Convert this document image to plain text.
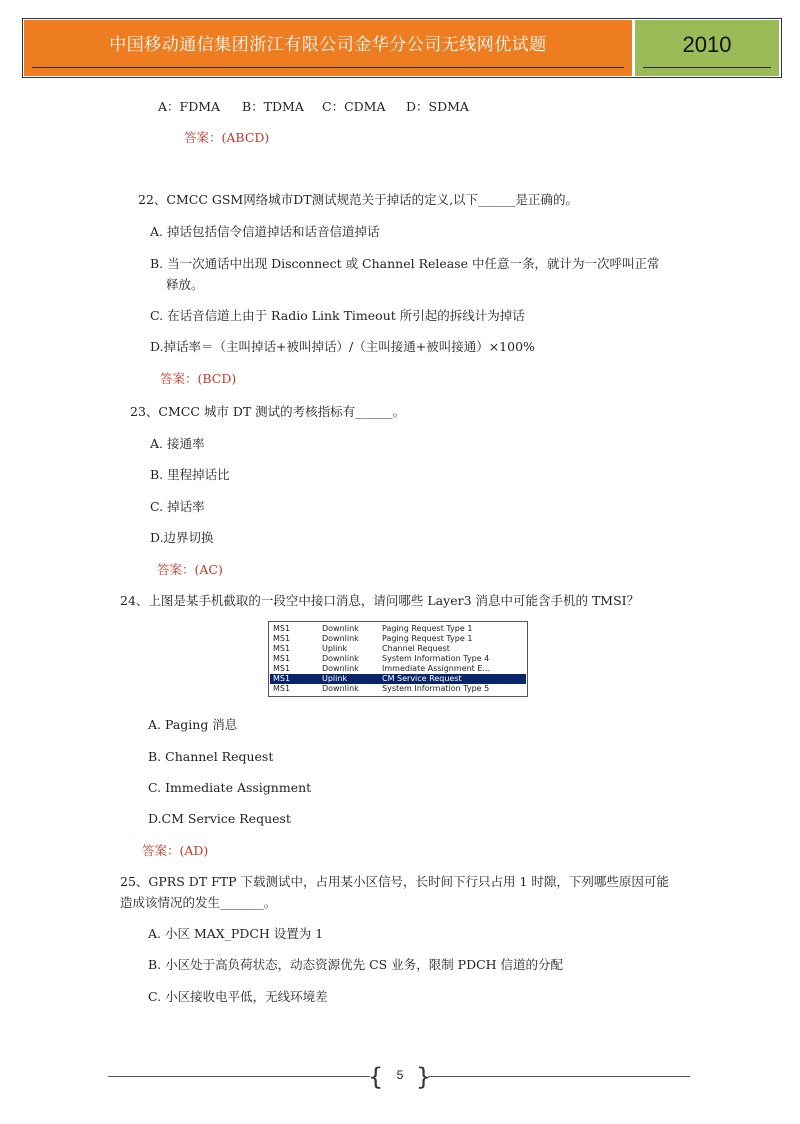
中国移动通信集团浙江有限公司金华分公司无线网优试题	2010
A：FDMA B：TDMA C：CDMA D：SDMA
答案：(ABCD)
22、CMCC GSM网络城市DT测试规范关于掉话的定义,以下______是正确的。
A. 掉话包括信令信道掉话和话音信道掉话
B. 当一次通话中出现 Disconnect 或 Channel Release 中任意一条，就计为一次呼叫正常
释放。
C. 在话音信道上由于 Radio Link Timeout 所引起的拆线计为掉话
D.掉话率＝（主叫掉话+被叫掉话）/（主叫接通+被叫接通）×100%
答案：(BCD)
23、CMCC 城市 DT 测试的考核指标有______。
A. 接通率
B. 里程掉话比
C. 掉话率
D.边界切换
答案：(AC)
24、上图是某手机截取的一段空中接口消息，请问哪些 Layer3 消息中可能含手机的 TMSI？
MS1	Downlink	Paging Request Type 1
MS1	Downlink	Paging Request Type 1
MS1	Uplink	Channel Request
MS1	Downlink	System Information Type 4
MS1	Downlink	Immediate Assignment E...
MS1	Uplink	CM Service Request
MS1	Downlink	System Information Type 5
A. Paging 消息
B. Channel Request
C. Immediate Assignment
D.CM Service Request
答案：(AD)
25、GPRS DT FTP 下载测试中，占用某小区信号，长时间下行只占用 1 时隙，下列哪些原因可能
造成该情况的发生_______。
A. 小区 MAX_PDCH 设置为 1
B. 小区处于高负荷状态，动态资源优先 CS 业务，限制 PDCH 信道的分配
C. 小区接收电平低，无线环境差
{	5 }
